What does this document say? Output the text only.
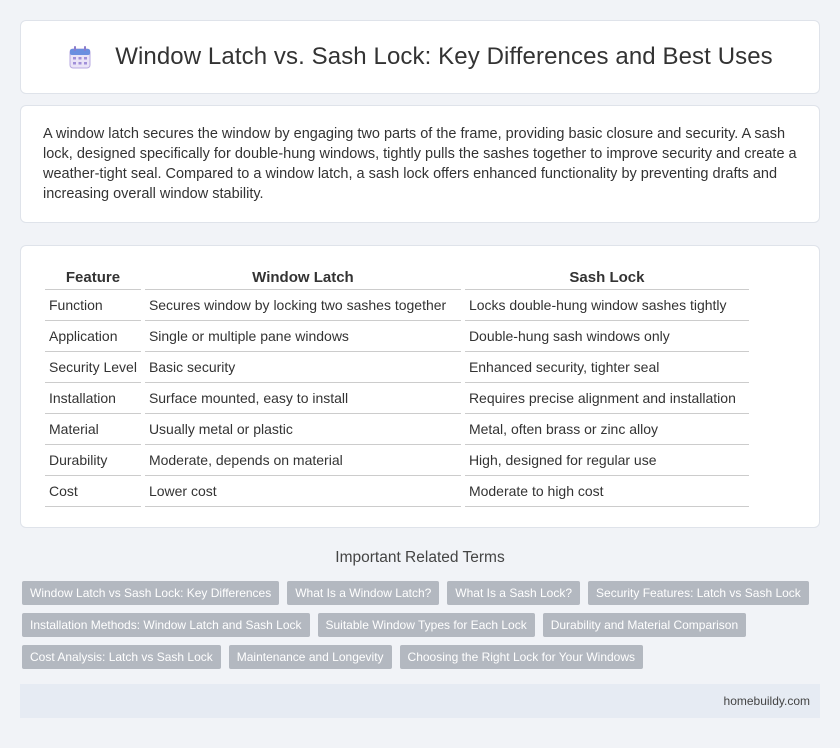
Window Latch vs. Sash Lock: Key Differences and Best Uses

A window latch secures the window by engaging two parts of the frame, providing basic closure and security. A sash lock, designed specifically for double-hung windows, tightly pulls the sashes together to improve security and create a weather-tight seal. Compared to a window latch, a sash lock offers enhanced functionality by preventing drafts and increasing overall window stability.

Feature	Window Latch	Sash Lock
Function	Secures window by locking two sashes together	Locks double-hung window sashes tightly
Application	Single or multiple pane windows	Double-hung sash windows only
Security Level	Basic security	Enhanced security, tighter seal
Installation	Surface mounted, easy to install	Requires precise alignment and installation
Material	Usually metal or plastic	Metal, often brass or zinc alloy
Durability	Moderate, depends on material	High, designed for regular use
Cost	Lower cost	Moderate to high cost
Important Related Terms
Window Latch vs Sash Lock: Key Differences	What Is a Window Latch?	What Is a Sash Lock?	Security Features: Latch vs Sash Lock
Installation Methods: Window Latch and Sash Lock	Suitable Window Types for Each Lock	Durability and Material Comparison
Cost Analysis: Latch vs Sash Lock	Maintenance and Longevity	Choosing the Right Lock for Your Windows
homebuildy.com
